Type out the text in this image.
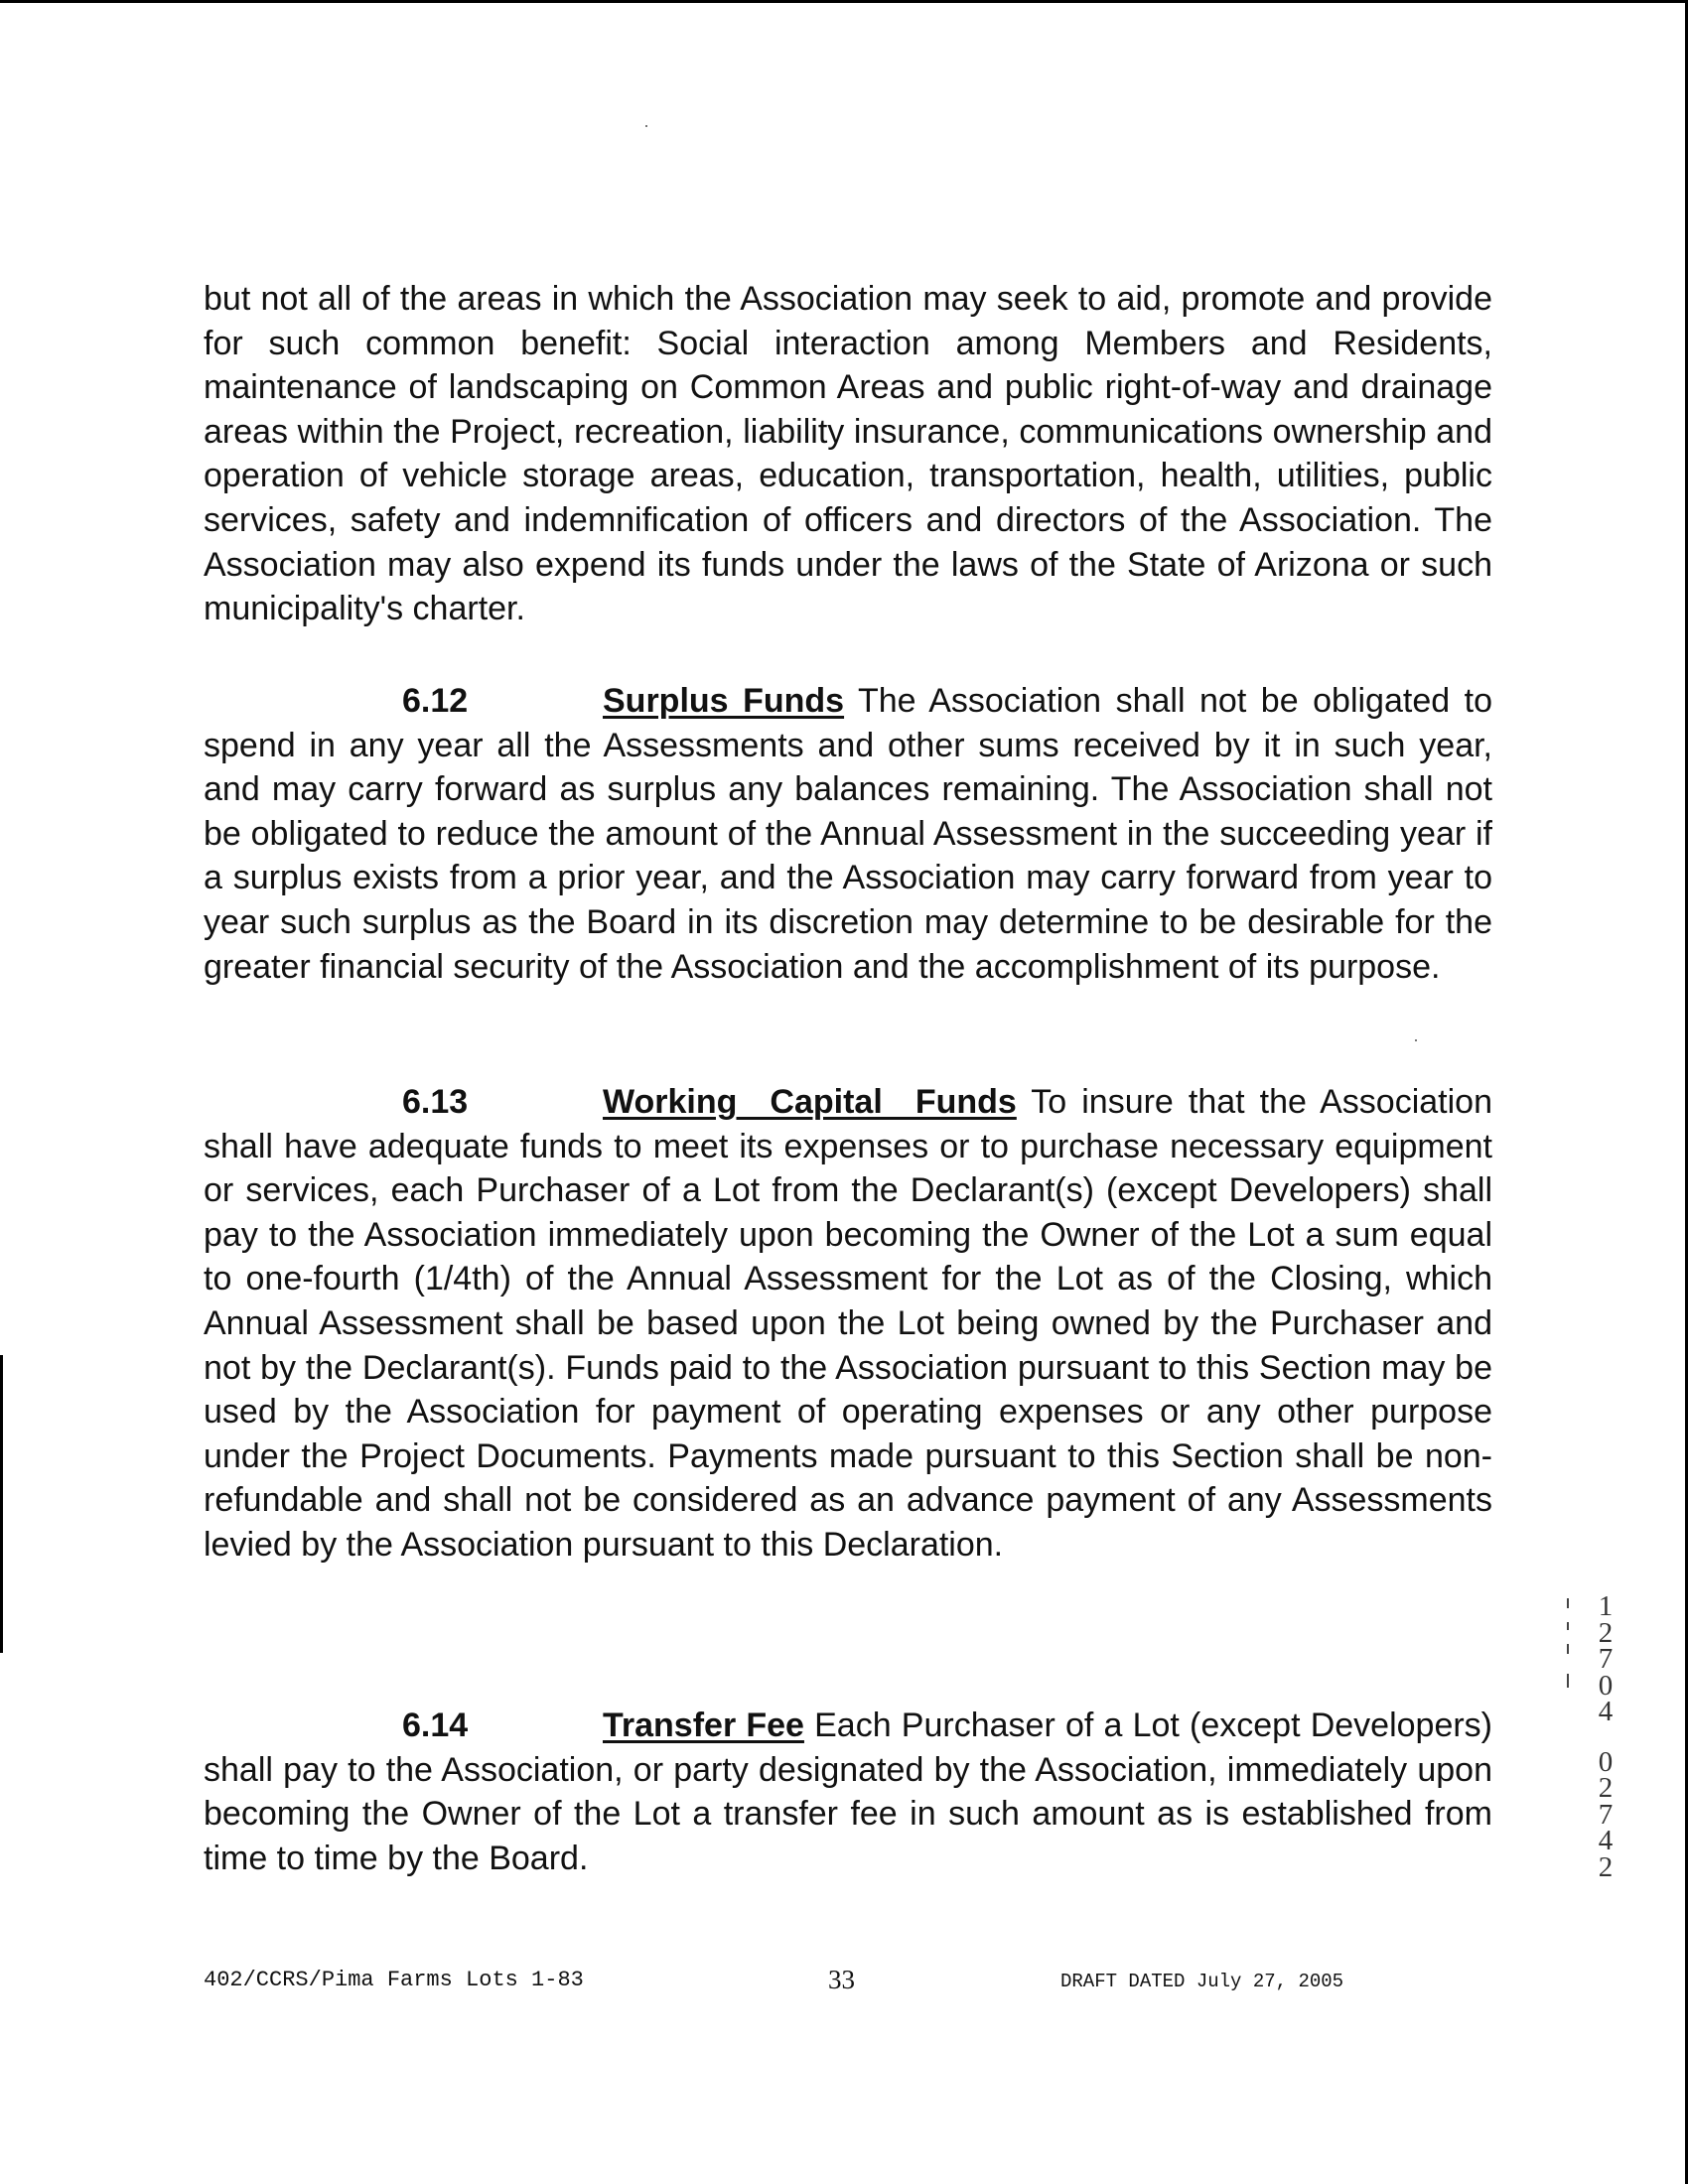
but not all of the areas in which the Association may seek to aid, promote and provide for such common benefit: Social interaction among Members and Residents, maintenance of landscaping on Common Areas and public right-of-way and drainage areas within the Project, recreation, liability insurance, communications ownership and operation of vehicle storage areas, education, transportation, health, utilities, public services, safety and indemnification of officers and directors of the Association. The Association may also expend its funds under the laws of the State of Arizona or such municipality's charter.

6.12	Surplus Funds The Association shall not be obligated to spend in any year all the Assessments and other sums received by it in such year, and may carry forward as surplus any balances remaining. The Association shall not be obligated to reduce the amount of the Annual Assessment in the succeeding year if a surplus exists from a prior year, and the Association may carry forward from year to year such surplus as the Board in its discretion may determine to be desirable for the greater financial security of the Association and the accomplishment of its purpose.

6.13	Working Capital Funds To insure that the Association shall have adequate funds to meet its expenses or to purchase necessary equipment or services, each Purchaser of a Lot from the Declarant(s) (except Developers) shall pay to the Association immediately upon becoming the Owner of the Lot a sum equal to one-fourth (1/4th) of the Annual Assessment for the Lot as of the Closing, which Annual Assessment shall be based upon the Lot being owned by the Purchaser and not by the Declarant(s). Funds paid to the Association pursuant to this Section may be used by the Association for payment of operating expenses or any other purpose under the Project Documents. Payments made pursuant to this Section shall be non-refundable and shall not be considered as an advance payment of any Assessments levied by the Association pursuant to this Declaration.

6.14	Transfer Fee Each Purchaser of a Lot (except Developers) shall pay to the Association, or party designated by the Association, immediately upon becoming the Owner of the Lot a transfer fee in such amount as is established from time to time by the Board.

402/CCRS/Pima Farms Lots 1-83	33	DRAFT DATED July 27, 2005
1
2
7
0
4
0
2
7
4
2
